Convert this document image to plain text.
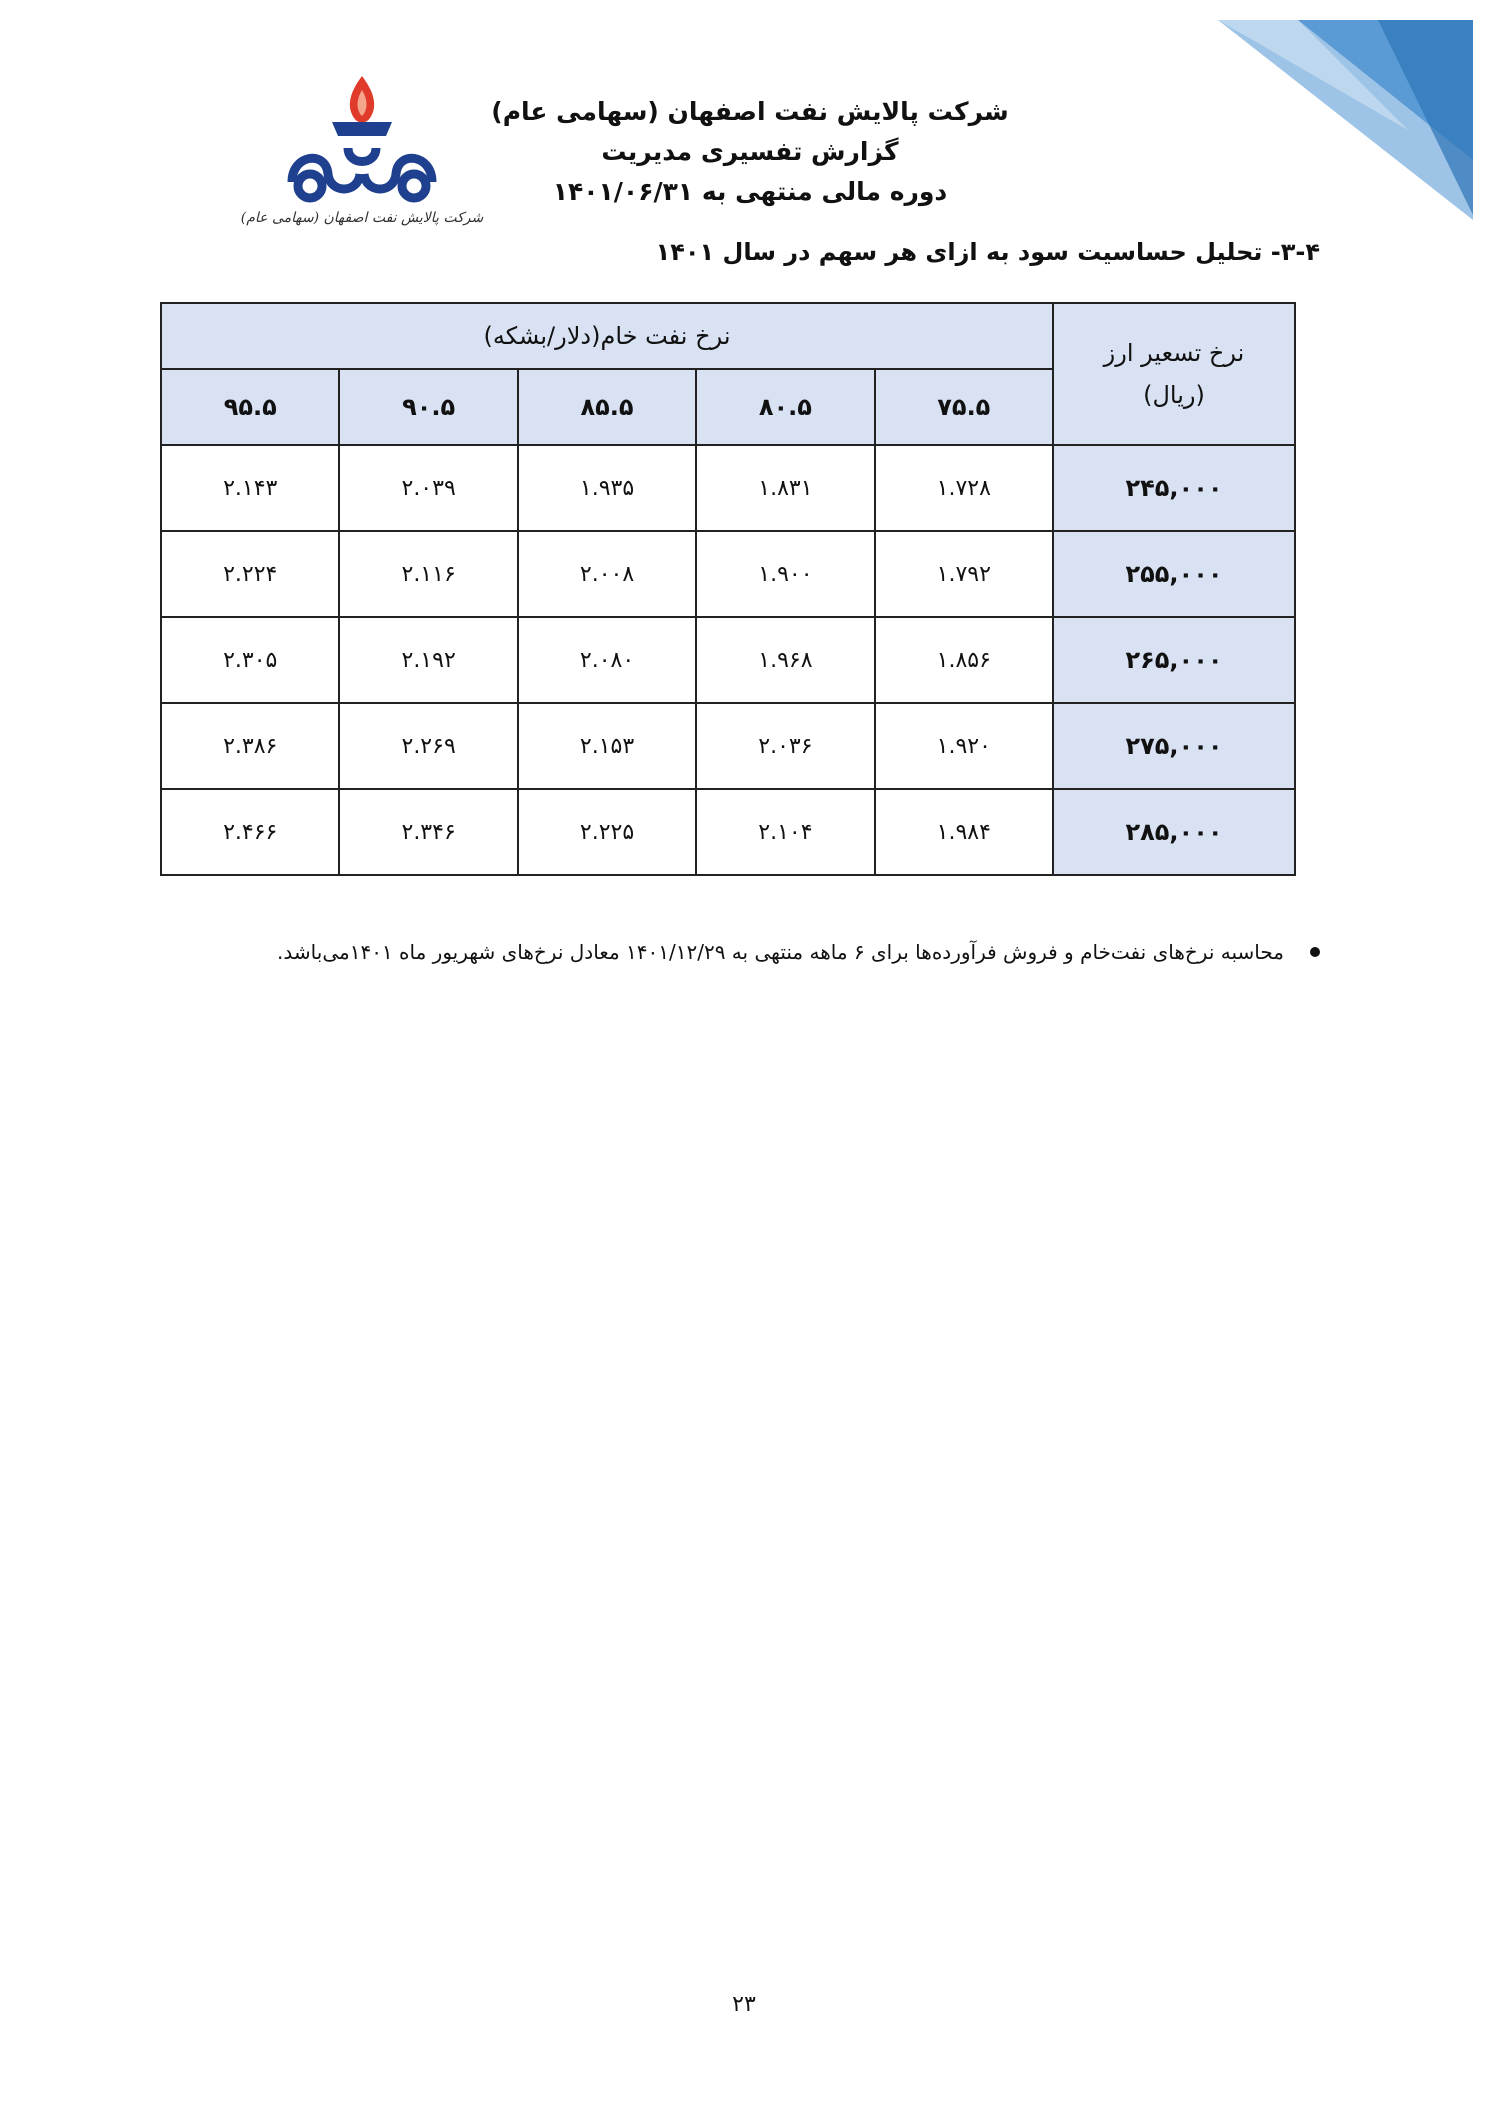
شرکت پالایش نفت اصفهان (سهامی عام)
شرکت پالایش نفت اصفهان (سهامی عام)
گزارش تفسیری مدیریت
دوره مالی منتهی به ۱۴۰۱/۰۶/۳۱
۳-۴- تحلیل حساسیت سود به ازای هر سهم در سال ۱۴۰۱
نرخ تسعیر ارز
(ریال)	نرخ نفت خام(دلار/بشکه)				
	۷۵.۵	۸۰.۵	۸۵.۵	۹۰.۵	۹۵.۵
۲۴۵,۰۰۰	۱.۷۲۸	۱.۸۳۱	۱.۹۳۵	۲.۰۳۹	۲.۱۴۳
۲۵۵,۰۰۰	۱.۷۹۲	۱.۹۰۰	۲.۰۰۸	۲.۱۱۶	۲.۲۲۴
۲۶۵,۰۰۰	۱.۸۵۶	۱.۹۶۸	۲.۰۸۰	۲.۱۹۲	۲.۳۰۵
۲۷۵,۰۰۰	۱.۹۲۰	۲.۰۳۶	۲.۱۵۳	۲.۲۶۹	۲.۳۸۶
۲۸۵,۰۰۰	۱.۹۸۴	۲.۱۰۴	۲.۲۲۵	۲.۳۴۶	۲.۴۶۶
محاسبه نرخ‌های نفت‌خام و فروش فرآورده‌ها برای ۶ ماهه منتهی به ۱۴۰۱/۱۲/۲۹ معادل نرخ‌های شهریور ماه ۱۴۰۱می‌باشد.
۲۳
